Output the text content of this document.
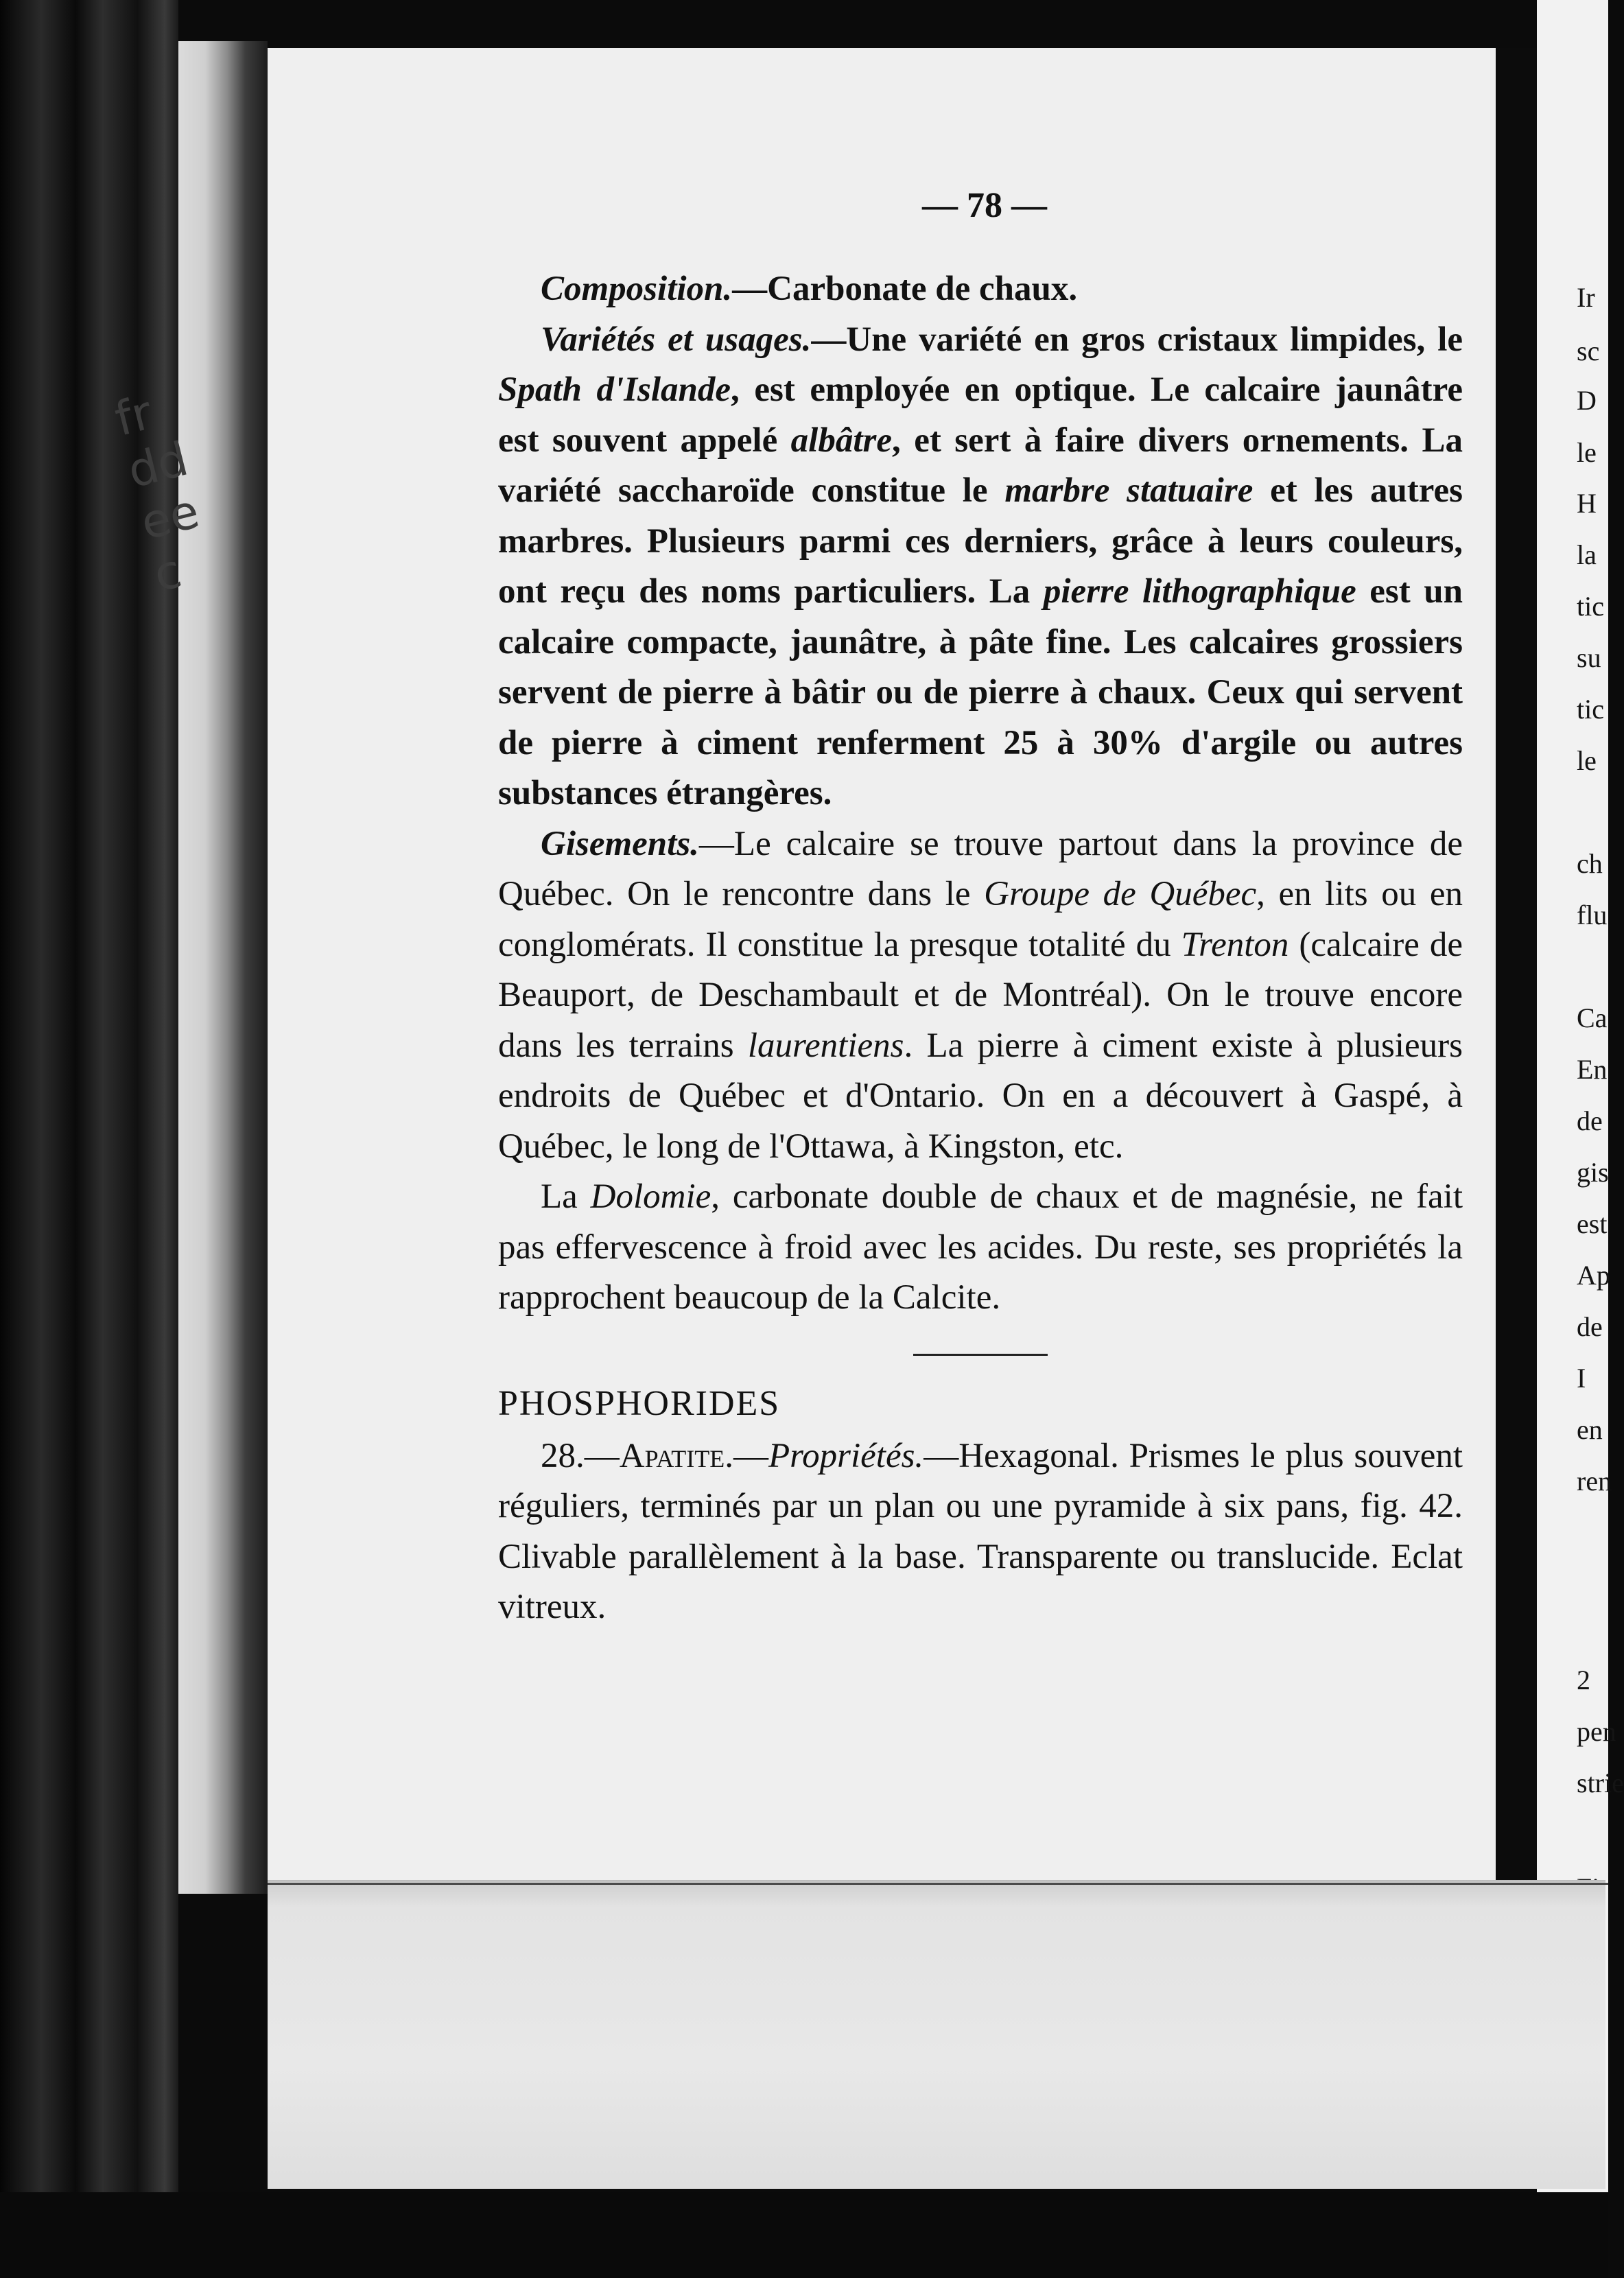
fr
dd
ee
c
Ir
sc
D
le
H
la
tic
su
tic
le
ch
flu
Ca
En
de
gis
est
Ap
de
I
en
ren
2
pen
strie
— 78 —

Composition.—Carbonate de chaux.

Variétés et usages.—Une variété en gros cristaux limpides, le Spath d'Islande, est employée en optique. Le calcaire jaunâtre est souvent appelé albâtre, et sert à faire divers ornements. La variété saccharoïde constitue le marbre statuaire et les autres marbres. Plusieurs parmi ces derniers, grâce à leurs couleurs, ont reçu des noms particuliers. La pierre lithographique est un calcaire compacte, jaunâtre, à pâte fine. Les calcaires grossiers servent de pierre à bâtir ou de pierre à chaux. Ceux qui servent de pierre à ciment renferment 25 à 30% d'argile ou autres substances étrangères.

Gisements.—Le calcaire se trouve partout dans la province de Québec. On le rencontre dans le Groupe de Québec, en lits ou en conglomérats. Il constitue la presque totalité du Trenton (calcaire de Beauport, de Deschambault et de Montréal). On le trouve encore dans les terrains laurentiens. La pierre à ciment existe à plusieurs endroits de Québec et d'Ontario. On en a découvert à Gaspé, à Québec, le long de l'Ottawa, à Kingston, etc.

La Dolomie, carbonate double de chaux et de magnésie, ne fait pas effervescence à froid avec les acides. Du reste, ses propriétés la rapprochent beaucoup de la Calcite.

PHOSPHORIDES

28.—Apatite.—Propriétés.—Hexagonal. Prismes le plus souvent réguliers, terminés par un plan ou une pyramide à six pans, fig. 42. Clivable parallèlement à la base. Transparente ou translucide. Eclat vitreux.
